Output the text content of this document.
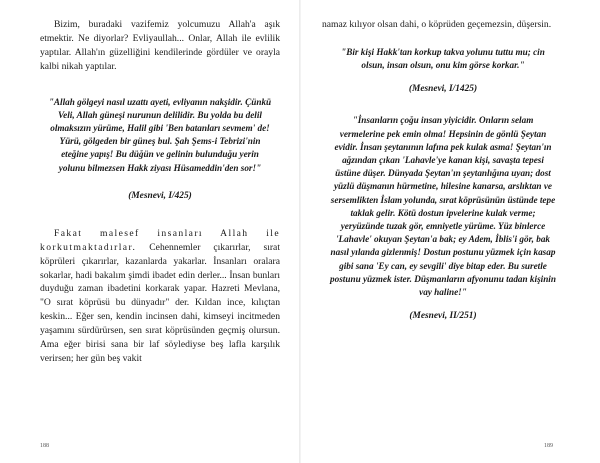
Bizim, buradaki vazifemiz yolcumuzu Allah'a aşık etmektir. Ne diyorlar? Evliyaullah... Onlar, Allah ile evlilik yaptılar. Allah'ın güzelliğini kendilerinde gördüler ve orayla kalbi nikah yaptılar.

"Allah gölgeyi nasıl uzattı ayeti, evliyanın nakşidir. Çünkü Veli, Allah güneşi nurunun delilidir. Bu yolda bu delil olmaksızın yürüme, Halil gibi 'Ben batanları sevmem' de! Yürü, gölgeden bir güneş bul. Şah Şems-i Tebrizi'nin eteğine yapış! Bu düğün ve gelinin bulunduğu yerin yolunu bilmezsen Hakk ziyası Hüsameddin'den sor!"

(Mesnevi, I/425)

Fakat malesef insanları Allah ile korkutmaktadırlar. Cehennemler çıkarırlar, sırat köprüleri çıkarırlar, kazanlarda yakarlar. İnsanları oralara sokarlar, hadi bakalım şimdi ibadet edin derler... İnsan bunları duyduğu zaman ibadetini korkarak yapar. Hazreti Mevlana, "O sırat köprüsü bu dünyadır" der. Kıldan ince, kılıçtan keskin... Eğer sen, kendin incinsen dahi, kimseyi incitmeden yaşamını sürdürürsen, sen sırat köprüsünden geçmiş olursun. Ama eğer birisi sana bir laf söylediyse beş lafla karşılık verirsen; her gün beş vakit

namaz kılıyor olsan dahi, o köprüden geçemezsin, düşersin.

"Bir kişi Hakk'tan korkup takva yolunu tuttu mu; cin olsun, insan olsun, onu kim görse korkar."

(Mesnevi, I/1425)

"İnsanların çoğu insan yiyicidir. Onların selam vermelerine pek emin olma! Hepsinin de gönlü Şeytan evidir. İnsan şeytanının lafına pek kulak asma! Şeytan'ın ağzından çıkan 'Lahavle'ye kanan kişi, savaşta tepesi üstüne düşer. Dünyada Şeytan'ın şeytanlığına uyan; dost yüzlü düşmanın hürmetine, hilesine kanarsa, arslıktan ve sersemlikten İslam yolunda, sırat köprüsünün üstünde tepe taklak gelir. Kötü dostun ipvelerine kulak verme; yeryüzünde tuzak gör, emniyetle yürüme. Yüz binlerce 'Lahavle' okuyan Şeytan'a bak; ey Adem, İblis'i gör, bak nasıl yılanda gizlenmiş! Dostun postunu yüzmek için kasap gibi sana 'Ey can, ey sevgili' diye bitap eder. Bu suretle postunu yüzmek ister. Düşmanların afyonunu tadan kişinin vay haline!"

(Mesnevi, II/251)

188	189
